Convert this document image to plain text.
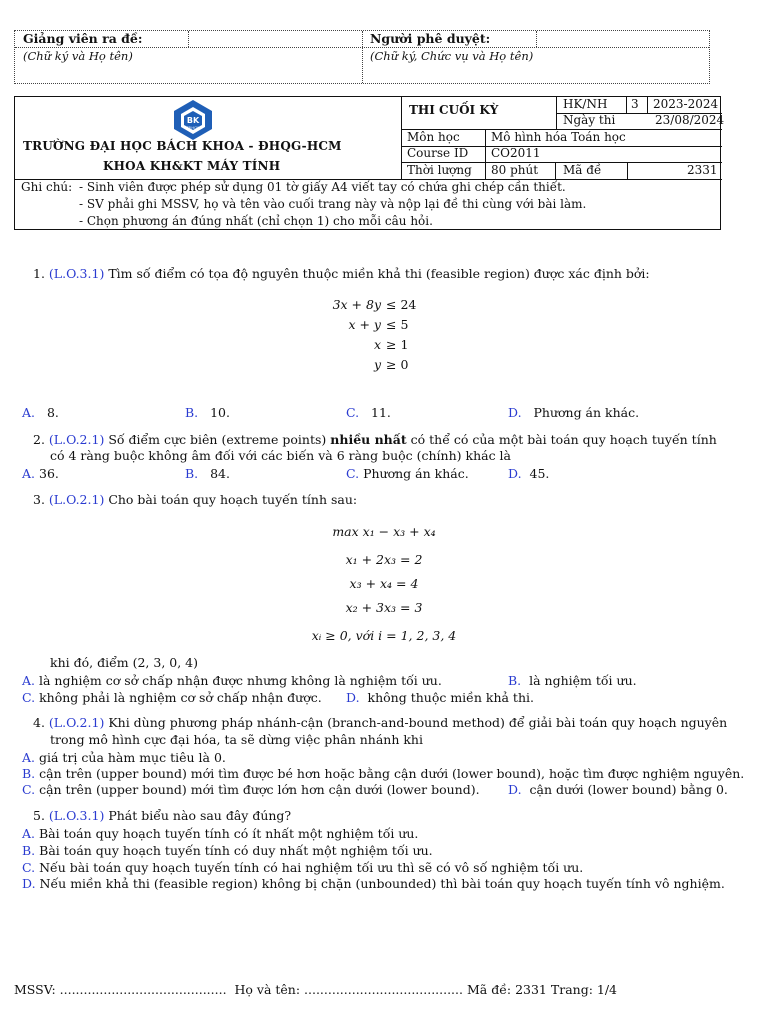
Giảng viên ra đề:
(Chữ ký và Họ tên)
Người phê duyệt:
(Chữ ký, Chức vụ và Họ tên)
BK
TP.HCM
TRƯỜNG ĐẠI HỌC BÁCH KHOA - ĐHQG-HCM
KHOA KH&KT MÁY TÍNH
THI CUỐI KỲ	HK/NH 3 2023-2024
Ngày thi	23/08/2024
Môn học	Mô hình hóa Toán học
Course ID CO2011
Thời lượng 80 phút Mã đề	2331
Ghi chú: - Sinh viên được phép sử dụng 01 tờ giấy A4 viết tay có chứa ghi chép cần thiết.
- SV phải ghi MSSV, họ và tên vào cuối trang này và nộp lại đề thi cùng với bài làm.
- Chọn phương án đúng nhất (chỉ chọn 1) cho mỗi câu hỏi.
1. (L.O.3.1) Tìm số điểm có tọa độ nguyên thuộc miền khả thi (feasible region) được xác định bởi:
3x + 8y ≤ 24
x + y ≤ 5
x ≥ 1
y ≥ 0
A. 8.	B. 10.	C. 11.	D. Phương án khác.
2. (L.O.2.1) Số điểm cực biên (extreme points) nhiều nhất có thể có của một bài toán quy hoạch tuyến tính
có 4 ràng buộc không âm đối với các biến và 6 ràng buộc (chính) khác là
A. 36.	B. 84.	C. Phương án khác.	D. 45.
3. (L.O.2.1) Cho bài toán quy hoạch tuyến tính sau:
max x₁ − x₃ + x₄
x₁ + 2x₃ = 2
x₃ + x₄ = 4
x₂ + 3x₃ = 3
xᵢ ≥ 0, với i = 1, 2, 3, 4
khi đó, điểm (2, 3, 0, 4)
A. là nghiệm cơ sở chấp nhận được nhưng không là nghiệm tối ưu.	B. là nghiệm tối ưu.
C. không phải là nghiệm cơ sở chấp nhận được. D. không thuộc miền khả thi.
4. (L.O.2.1) Khi dùng phương pháp nhánh-cận (branch-and-bound method) để giải bài toán quy hoạch nguyên
trong mô hình cực đại hóa, ta sẽ dừng việc phân nhánh khi
A. giá trị của hàm mục tiêu là 0.
B. cận trên (upper bound) mới tìm được bé hơn hoặc bằng cận dưới (lower bound), hoặc tìm được nghiệm nguyên.
C. cận trên (upper bound) mới tìm được lớn hơn cận dưới (lower bound). D. cận dưới (lower bound) bằng 0.
5. (L.O.3.1) Phát biểu nào sau đây đúng?
A. Bài toán quy hoạch tuyến tính có ít nhất một nghiệm tối ưu.
B. Bài toán quy hoạch tuyến tính có duy nhất một nghiệm tối ưu.
C. Nếu bài toán quy hoạch tuyến tính có hai nghiệm tối ưu thì sẽ có vô số nghiệm tối ưu.
D. Nếu miền khả thi (feasible region) không bị chặn (unbounded) thì bài toán quy hoạch tuyến tính vô nghiệm.
MSSV: .......................................... Họ và tên: ........................................ Mã đề: 2331 Trang: 1/4
